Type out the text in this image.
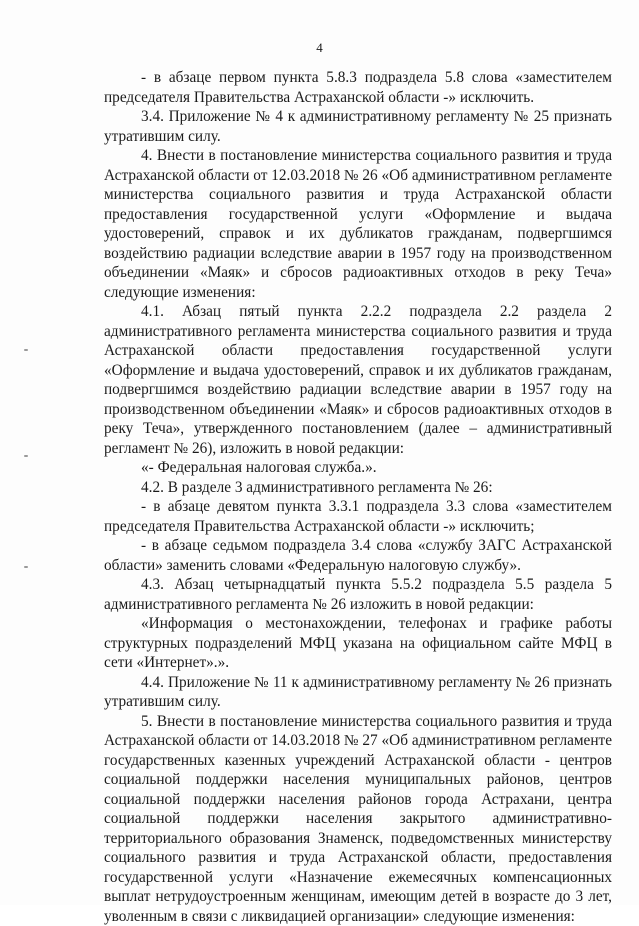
4

- в абзаце первом пункта 5.8.3 подраздела 5.8 слова «заместителем председателя Правительства Астраханской области -» исключить.

3.4. Приложение № 4 к административному регламенту № 25 признать утратившим силу.

4. Внести в постановление министерства социального развития и труда Астраханской области от 12.03.2018 № 26 «Об административном регламенте министерства социального развития и труда Астраханской области предоставления государственной услуги «Оформление и выдача удостоверений, справок и их дубликатов гражданам, подвергшимся воздействию радиации вследствие аварии в 1957 году на производственном объединении «Маяк» и сбросов радиоактивных отходов в реку Теча» следующие изменения:

4.1. Абзац пятый пункта 2.2.2 подраздела 2.2 раздела 2 административного регламента министерства социального развития и труда Астраханской области предоставления государственной услуги «Оформление и выдача удостоверений, справок и их дубликатов гражданам, подвергшимся воздействию радиации вследствие аварии в 1957 году на производственном объединении «Маяк» и сбросов радиоактивных отходов в реку Теча», утвержденного постановлением (далее – административный регламент № 26), изложить в новой редакции:

«- Федеральная налоговая служба.».

4.2. В разделе 3 административного регламента № 26:

- в абзаце девятом пункта 3.3.1 подраздела 3.3 слова «заместителем председателя Правительства Астраханской области -» исключить;

- в абзаце седьмом подраздела 3.4 слова «службу ЗАГС Астраханской области» заменить словами «Федеральную налоговую службу».

4.3. Абзац четырнадцатый пункта 5.5.2 подраздела 5.5 раздела 5 административного регламента № 26 изложить в новой редакции:

«Информация о местонахождении, телефонах и графике работы структурных подразделений МФЦ указана на официальном сайте МФЦ в сети «Интернет».».

4.4. Приложение № 11 к административному регламенту № 26 признать утратившим силу.

5. Внести в постановление министерства социального развития и труда Астраханской области от 14.03.2018 № 27 «Об административном регламенте государственных казенных учреждений Астраханской области - центров социальной поддержки населения муниципальных районов, центров социальной поддержки населения районов города Астрахани, центра социальной поддержки населения закрытого административно-территориального образования Знаменск, подведомственных министерству социального развития и труда Астраханской области, предоставления государственной услуги «Назначение ежемесячных компенсационных выплат нетрудоустроенным женщинам, имеющим детей в возрасте до 3 лет, уволенным в связи с ликвидацией организации» следующие изменения:
